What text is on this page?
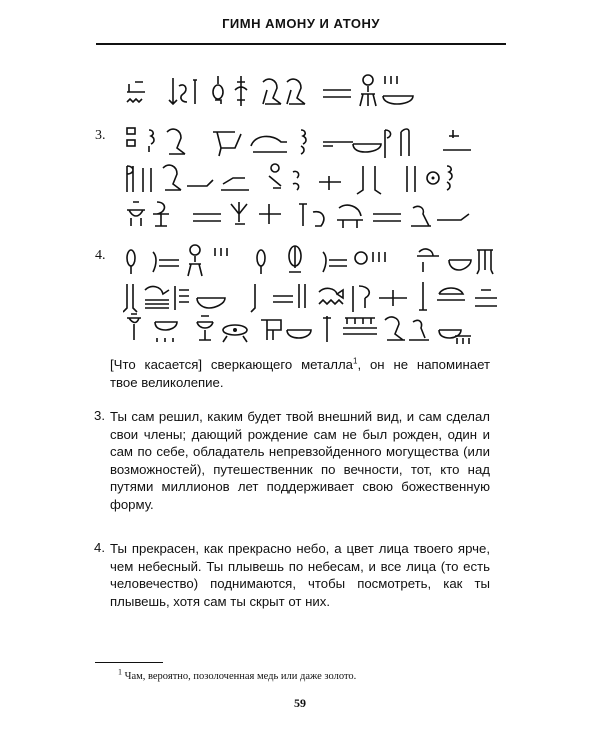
ГИМН АМОНУ И АТОНУ
3.
4.
[Что касается] сверкающего металла$^1$, он не напоминает твое великолепие.
3. Ты сам решил, каким будет твой внешний вид, и сам сделал свои члены; дающий рождение сам не был рожден, один и сам по себе, обладатель непревзойденного могущества (или возможностей), путешественник по вечности, тот, кто над путями миллионов лет поддерживает свою божественную форму.
4. Ты прекрасен, как прекрасно небо, а цвет лица твоего ярче, чем небесный. Ты плывешь по небесам, и все лица (то есть человечество) поднимаются, чтобы посмотреть, как ты плывешь, хотя сам ты скрыт от них.
$^1$ Чам, вероятно, позолоченная медь или даже золото.
59
